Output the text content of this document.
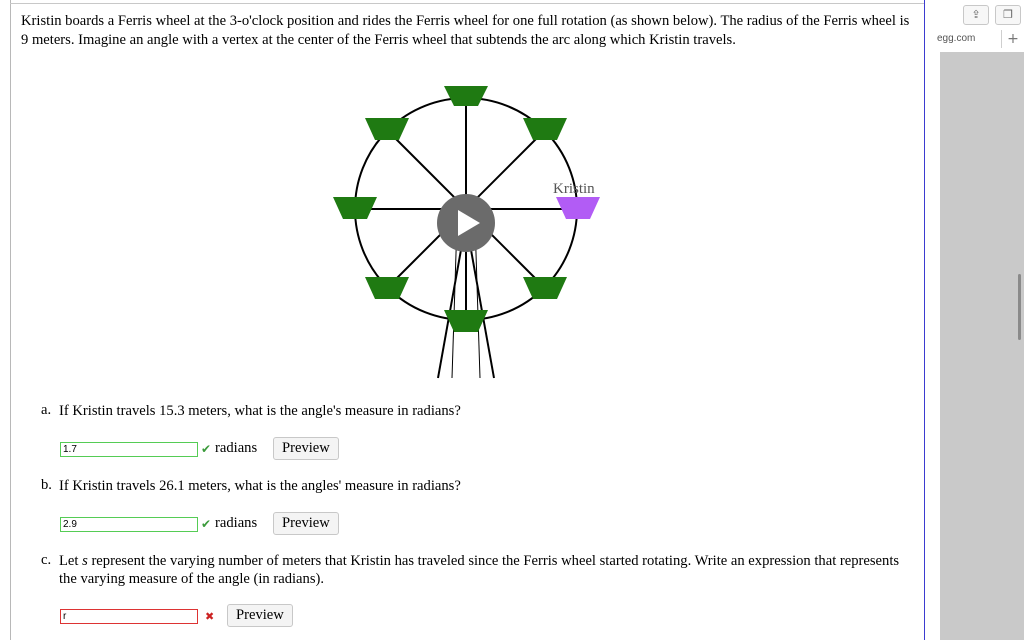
Kristin boards a Ferris wheel at the 3-o'clock position and rides the Ferris wheel for one full rotation (as shown below). The radius of the Ferris wheel is 9 meters. Imagine an angle with a vertex at the center of the Ferris wheel that subtends the arc along which Kristin travels.
Kristin
a. If Kristin travels 15.3 meters, what is the angle's measure in radians?
1.7
✔ radians	Preview
b. If Kristin travels 26.1 meters, what is the angles' measure in radians?
2.9
✔ radians	Preview
c. Let s represent the varying number of meters that Kristin has traveled since the Ferris wheel started rotating. Write an expression that represents the varying measure of the angle (in radians).
r
✖	Preview
⇪	❐
egg.com	+
